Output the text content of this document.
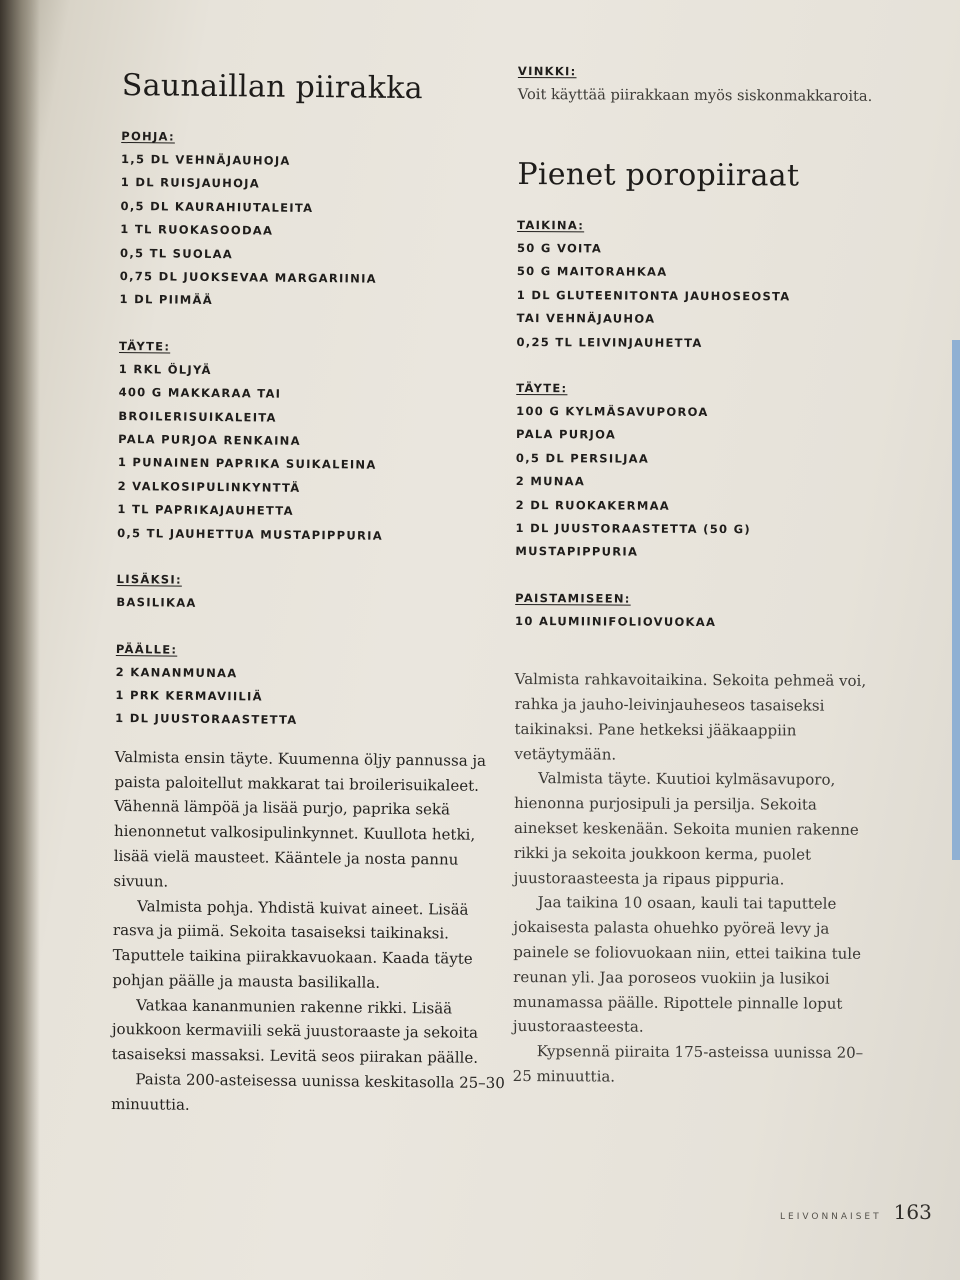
Saunaillan piirakka
POHJA:
1,5 DL VEHNÄJAUHOJA
1 DL RUISJAUHOJA
0,5 DL KAURAHIUTALEITA
1 TL RUOKASOODAA
0,5 TL SUOLAA
0,75 DL JUOKSEVAA MARGARIINIA
1 DL PIIMÄÄ
TÄYTE:
1 RKL ÖLJYÄ
400 G MAKKARAA TAI
BROILERISUIKALEITA
PALA PURJOA RENKAINA
1 PUNAINEN PAPRIKA SUIKALEINA
2 VALKOSIPULINKYNTTÄ
1 TL PAPRIKAJAUHETTA
0,5 TL JAUHETTUA MUSTAPIPPURIA
LISÄKSI:
BASILIKAA
PÄÄLLE:
2 KANANMUNAA
1 PRK KERMAVIILIÄ
1 DL JUUSTORAASTETTA

Valmista ensin täyte. Kuumenna öljy pannussa ja paista paloitellut makkarat tai broilerisuikaleet. Vähennä lämpöä ja lisää purjo, paprika sekä hienonnetut valkosipulinkynnet. Kuullota hetki, lisää vielä mausteet. Kääntele ja nosta pannu sivuun.

Valmista pohja. Yhdistä kuivat aineet. Lisää rasva ja piimä. Sekoita tasaiseksi taikinaksi. Taputtele taikina piirakkavuokaan. Kaada täyte pohjan päälle ja mausta basilikalla.

Vatkaa kananmunien rakenne rikki. Lisää joukkoon kermaviili sekä juustoraaste ja sekoita tasaiseksi massaksi. Levitä seos piirakan päälle.

Paista 200-asteisessa uunissa keskitasolla 25–30 minuuttia.

VINKKI:

Voit käyttää piirakkaan myös siskonmakkaroita.

Pienet poropiiraat
TAIKINA:
50 G VOITA
50 G MAITORAHKAA
1 DL GLUTEENITONTA JAUHOSEOSTA
TAI VEHNÄJAUHOA
0,25 TL LEIVINJAUHETTA
TÄYTE:
100 G KYLMÄSAVUPOROA
PALA PURJOA
0,5 DL PERSILJAA
2 MUNAA
2 DL RUOKAKERMAA
1 DL JUUSTORAASTETTA (50 G)
MUSTAPIPPURIA
PAISTAMISEEN:
10 ALUMIINIFOLIOVUOKAA

Valmista rahkavoitaikina. Sekoita pehmeä voi, rahka ja jauho-leivinjauheseos tasaiseksi taikinaksi. Pane hetkeksi jääkaappiin vetäytymään.

Valmista täyte. Kuutioi kylmäsavuporo, hienonna purjosipuli ja persilja. Sekoita ainekset keskenään. Sekoita munien rakenne rikki ja sekoita joukkoon kerma, puolet juustoraasteesta ja ripaus pippuria.

Jaa taikina 10 osaan, kauli tai taputtele jokaisesta palasta ohuehko pyöreä levy ja painele se foliovuokaan niin, ettei taikina tule reunan yli. Jaa poroseos vuokiin ja lusikoi munamassa päälle. Ripottele pinnalle loput juustoraasteesta.

Kypsennä piiraita 175-asteissa uunissa 20–25 minuuttia.

LEIVONNAISET 163
